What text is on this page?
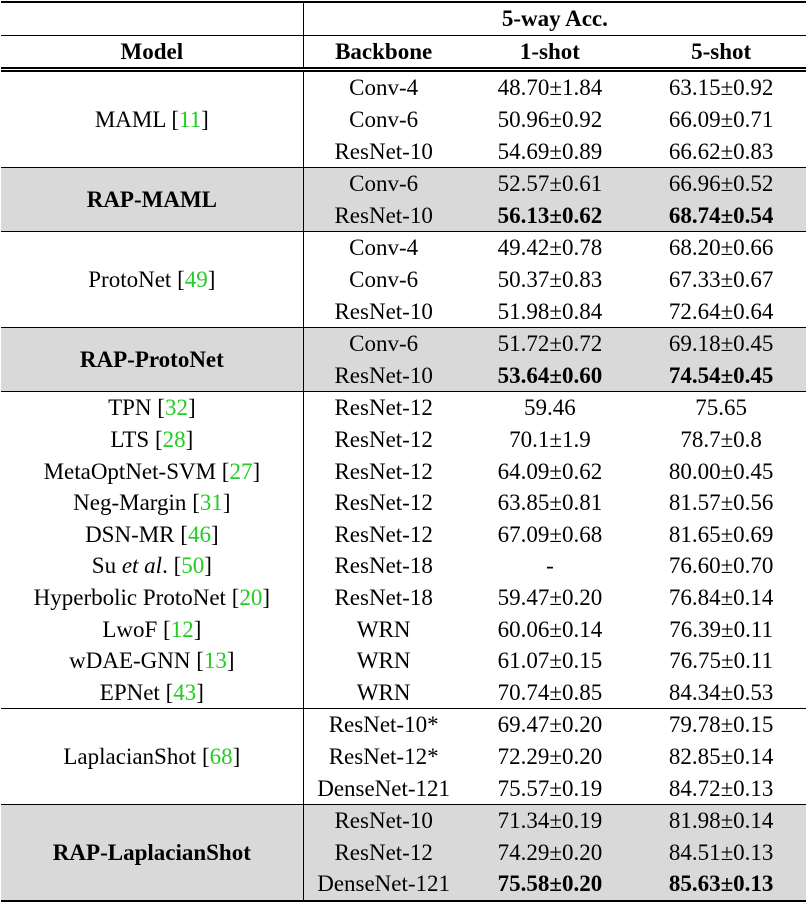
	5-way Acc.		
Model	Backbone	1-shot	5-shot
MAML [11]	Conv-4	48.70±1.84	63.15±0.92
	Conv-6	50.96±0.92	66.09±0.71
	ResNet-10	54.69±0.89	66.62±0.83
RAP-MAML	Conv-6	52.57±0.61	66.96±0.52
	ResNet-10	56.13±0.62	68.74±0.54
ProtoNet [49]	Conv-4	49.42±0.78	68.20±0.66
	Conv-6	50.37±0.83	67.33±0.67
	ResNet-10	51.98±0.84	72.64±0.64
RAP-ProtoNet	Conv-6	51.72±0.72	69.18±0.45
	ResNet-10	53.64±0.60	74.54±0.45
TPN [32]	ResNet-12	59.46	75.65
LTS [28]	ResNet-12	70.1±1.9	78.7±0.8
MetaOptNet-SVM [27]	ResNet-12	64.09±0.62	80.00±0.45
Neg-Margin [31]	ResNet-12	63.85±0.81	81.57±0.56
DSN-MR [46]	ResNet-12	67.09±0.68	81.65±0.69
Su et al. [50]	ResNet-18	-	76.60±0.70
Hyperbolic ProtoNet [20]	ResNet-18	59.47±0.20	76.84±0.14
LwoF [12]	WRN	60.06±0.14	76.39±0.11
wDAE-GNN [13]	WRN	61.07±0.15	76.75±0.11
EPNet [43]	WRN	70.74±0.85	84.34±0.53
LaplacianShot [68]	ResNet-10*	69.47±0.20	79.78±0.15
	ResNet-12*	72.29±0.20	82.85±0.14
	DenseNet-121	75.57±0.19	84.72±0.13
RAP-LaplacianShot	ResNet-10	71.34±0.19	81.98±0.14
	ResNet-12	74.29±0.20	84.51±0.13
	DenseNet-121	75.58±0.20	85.63±0.13
